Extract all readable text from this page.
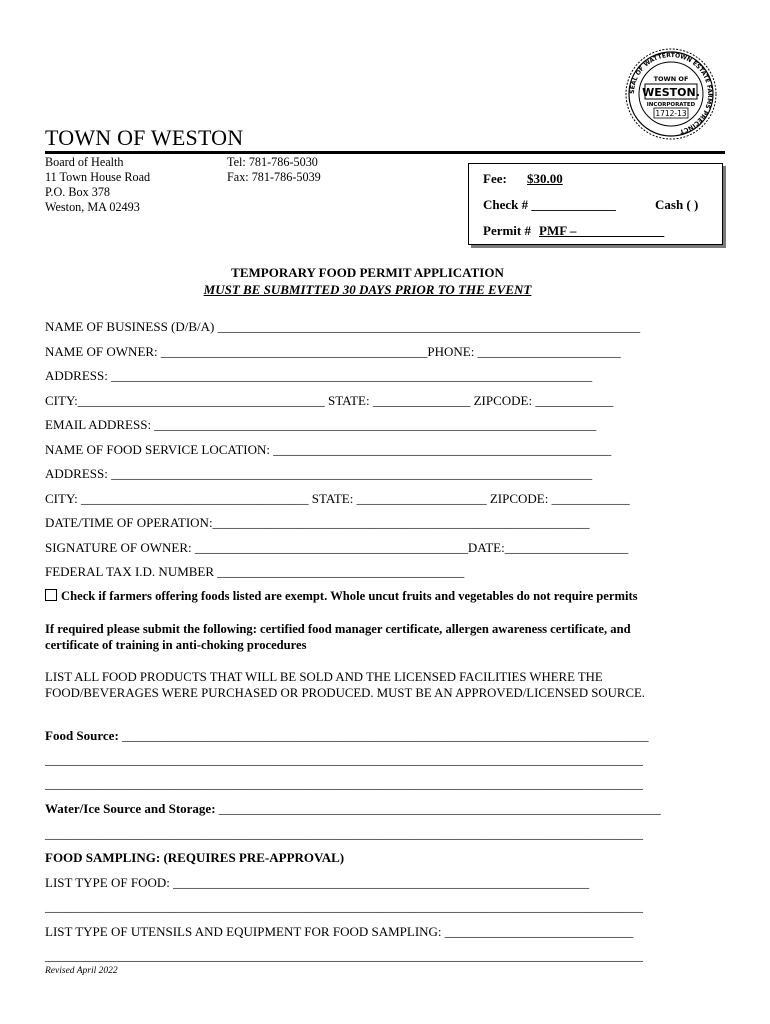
SEAL OF WATTERTOWN ESTATE FARMS PRECINCT
TOWN OF
WESTON.
INCORPORATED
1712-13
TOWN OF WESTON
Board of Health
11 Town House Road
P.O. Box 378
Weston, MA 02493
Tel: 781-786-5030
Fax: 781-786-5039	Fee: $30.00
Check # _____________	Cash ( )
Permit # PMF – _____________
TEMPORARY FOOD PERMIT APPLICATION
MUST BE SUBMITTED 30 DAYS PRIOR TO THE EVENT
NAME OF BUSINESS (D/B/A) _________________________________________________________________
NAME OF OWNER: _________________________________________PHONE: ______________________
ADDRESS: __________________________________________________________________________
CITY:______________________________________ STATE: _______________ ZIPCODE: ____________
EMAIL ADDRESS: ____________________________________________________________________
NAME OF FOOD SERVICE LOCATION: ____________________________________________________
ADDRESS: __________________________________________________________________________
CITY: ___________________________________ STATE: ____________________ ZIPCODE: ____________
DATE/TIME OF OPERATION:__________________________________________________________
SIGNATURE OF OWNER: __________________________________________DATE:___________________
FEDERAL TAX I.D. NUMBER ______________________________________
Check if farmers offering foods listed are exempt. Whole uncut fruits and vegetables do not require permits
If required please submit the following: certified food manager certificate, allergen awareness certificate, and
certificate of training in anti-choking procedures
LIST ALL FOOD PRODUCTS THAT WILL BE SOLD AND THE LICENSED FACILITIES WHERE THE
FOOD/BEVERAGES WERE PURCHASED OR PRODUCED. MUST BE AN APPROVED/LICENSED SOURCE.
Food Source: _________________________________________________________________________________
____________________________________________________________________________________________
____________________________________________________________________________________________
Water/Ice Source and Storage: ____________________________________________________________________
____________________________________________________________________________________________
FOOD SAMPLING: (REQUIRES PRE-APPROVAL)
LIST TYPE OF FOOD: ________________________________________________________________
____________________________________________________________________________________________
LIST TYPE OF UTENSILS AND EQUIPMENT FOR FOOD SAMPLING: _____________________________
____________________________________________________________________________________________
Revised April 2022
